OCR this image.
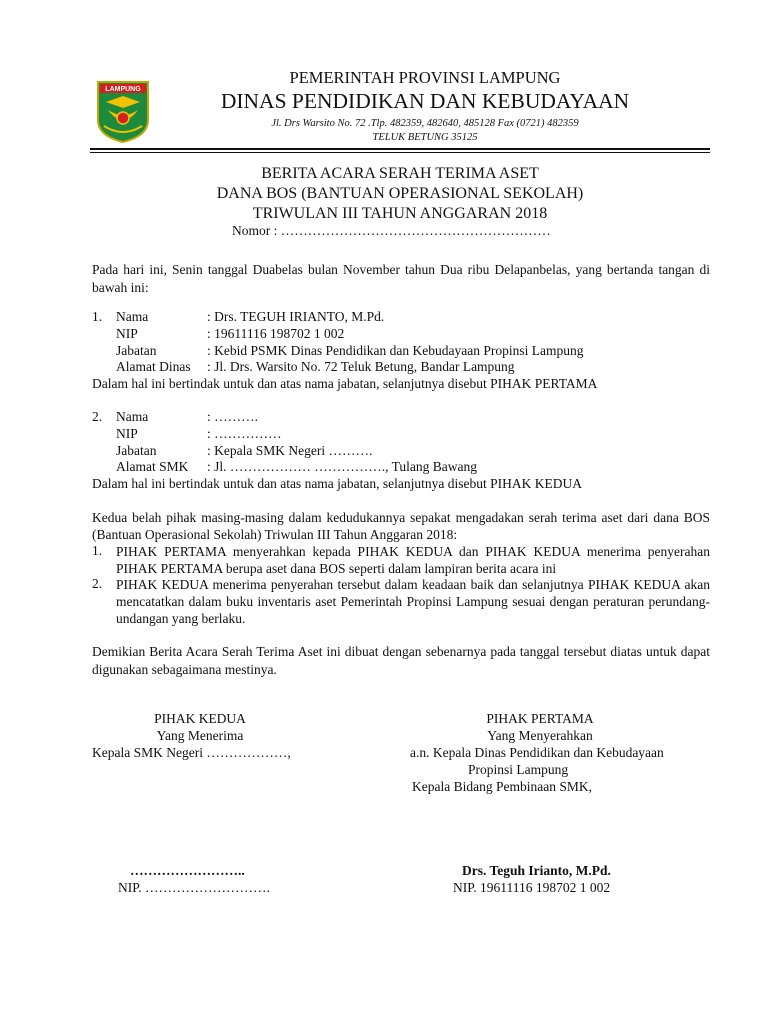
LAMPUNG
PEMERINTAH PROVINSI LAMPUNG
DINAS PENDIDIKAN DAN KEBUDAYAAN
Jl. Drs Warsito No. 72 .Tlp. 482359, 482640, 485128 Fax (0721) 482359
TELUK BETUNG 35125
BERITA ACARA SERAH TERIMA ASET
DANA BOS (BANTUAN OPERASIONAL SEKOLAH)
TRIWULAN III TAHUN ANGGARAN 2018
Nomor : ……………………………………………………
Pada hari ini, Senin tanggal Duabelas bulan November tahun Dua ribu Delapanbelas, yang bertanda tangan di bawah ini:
1. Nama	: Drs. TEGUH IRIANTO, M.Pd.
NIP	: 19611116 198702 1 002
Jabatan	: Kebid PSMK Dinas Pendidikan dan Kebudayaan Propinsi Lampung
Alamat Dinas : Jl. Drs. Warsito No. 72 Teluk Betung, Bandar Lampung
Dalam hal ini bertindak untuk dan atas nama jabatan, selanjutnya disebut PIHAK PERTAMA
2. Nama	: ……….
NIP	: ……………
Jabatan	: Kepala SMK Negeri ……….
Alamat SMK : Jl. ……………… ……………., Tulang Bawang
Dalam hal ini bertindak untuk dan atas nama jabatan, selanjutnya disebut PIHAK KEDUA
Kedua belah pihak masing-masing dalam kedudukannya sepakat mengadakan serah terima aset dari dana BOS (Bantuan Operasional Sekolah) Triwulan III Tahun Anggaran 2018:
1. PIHAK PERTAMA menyerahkan kepada PIHAK KEDUA dan PIHAK KEDUA menerima penyerahan PIHAK PERTAMA berupa aset dana BOS seperti dalam lampiran berita acara ini
2. PIHAK KEDUA menerima penyerahan tersebut dalam keadaan baik dan selanjutnya PIHAK KEDUA akan mencatatkan dalam buku inventaris aset Pemerintah Propinsi Lampung sesuai dengan peraturan perundang-undangan yang berlaku.
Demikian Berita Acara Serah Terima Aset ini dibuat dengan sebenarnya pada tanggal tersebut diatas untuk dapat digunakan sebagaimana mestinya.
PIHAK KEDUA
Yang Menerima
Kepala SMK Negeri ………………,
……………………..
NIP. ……………………….
PIHAK PERTAMA
Yang Menyerahkan
a.n. Kepala Dinas Pendidikan dan Kebudayaan
Propinsi Lampung
Kepala Bidang Pembinaan SMK,
Drs. Teguh Irianto, M.Pd.
NIP. 19611116 198702 1 002
